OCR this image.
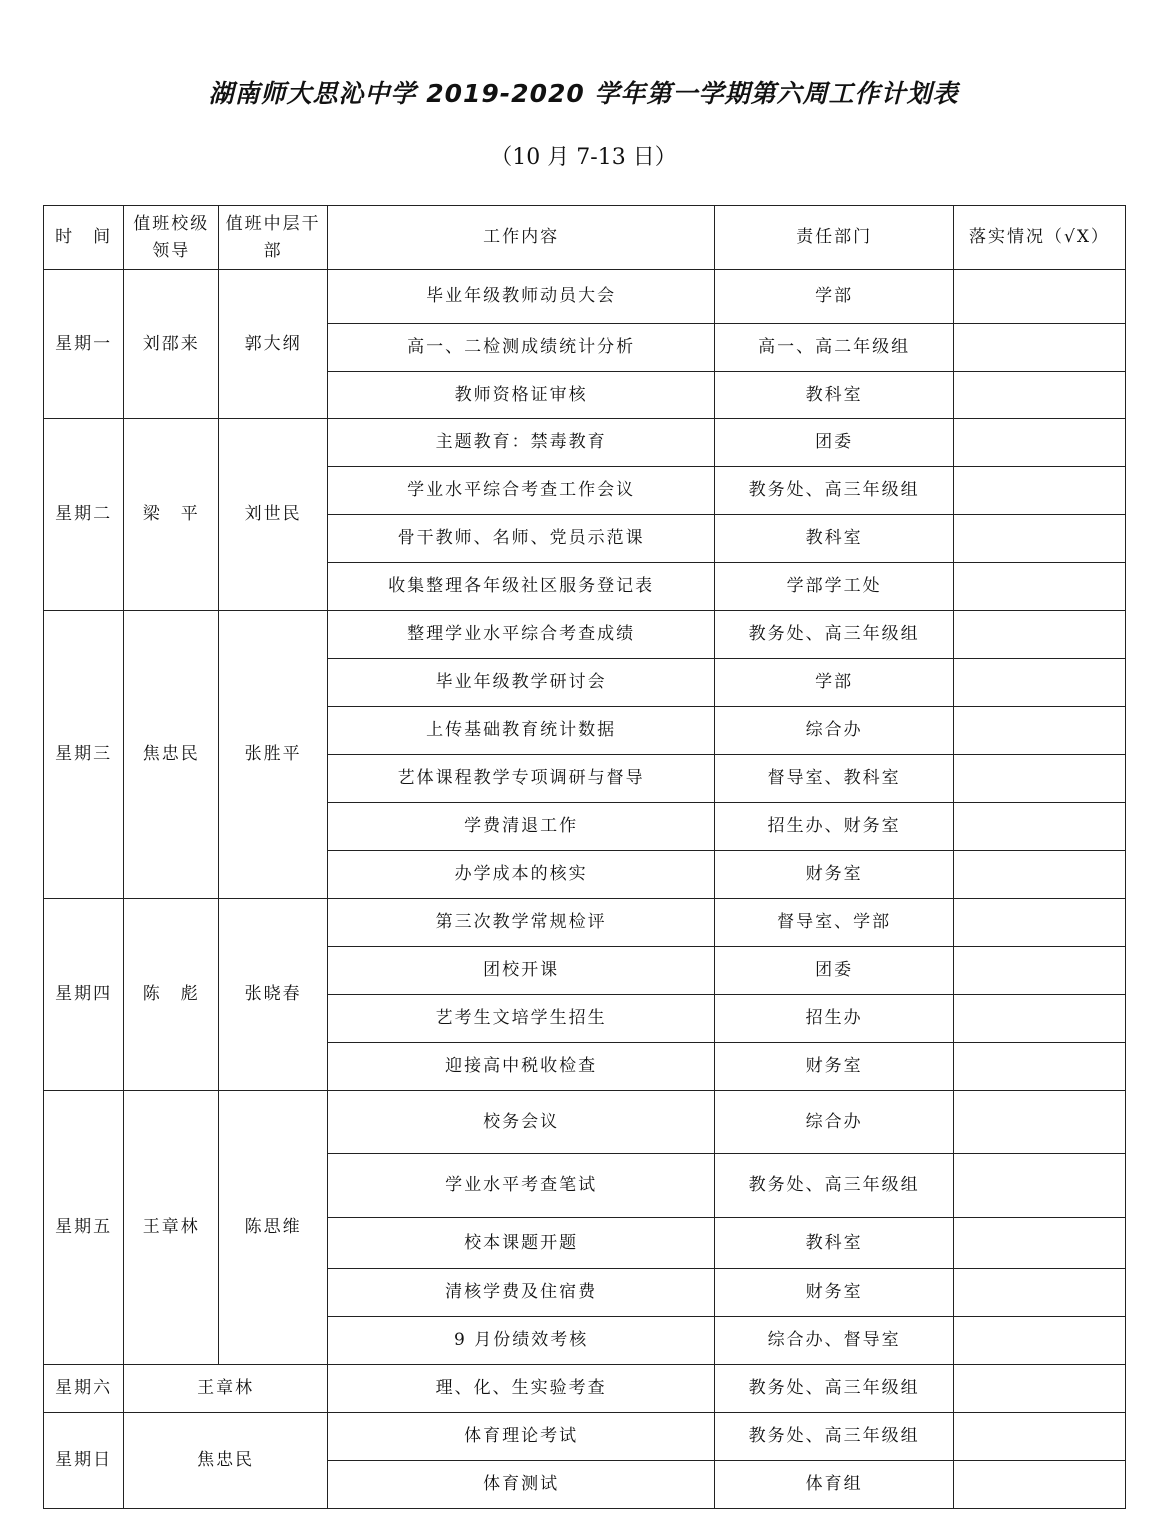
湖南师大思沁中学 2019-2020 学年第一学期第六周工作计划表
（10 月 7-13 日）
时　间	值班校级领导	值班中层干部	工作内容	责任部门	落实情况（√X）
星期一	刘邵来	郭大纲	毕业年级教师动员大会	学部	
			高一、二检测成绩统计分析	高一、高二年级组	
			教师资格证审核	教科室	
星期二	梁　平	刘世民	主题教育：禁毒教育	团委	
			学业水平综合考查工作会议	教务处、高三年级组	
			骨干教师、名师、党员示范课	教科室	
			收集整理各年级社区服务登记表	学部学工处	
星期三	焦忠民	张胜平	整理学业水平综合考查成绩	教务处、高三年级组	
			毕业年级教学研讨会	学部	
			上传基础教育统计数据	综合办	
			艺体课程教学专项调研与督导	督导室、教科室	
			学费清退工作	招生办、财务室	
			办学成本的核实	财务室	
星期四	陈　彪	张晓春	第三次教学常规检评	督导室、学部	
			团校开课	团委	
			艺考生文培学生招生	招生办	
			迎接高中税收检查	财务室	
星期五	王章林	陈思维	校务会议	综合办	
			学业水平考查笔试	教务处、高三年级组	
			校本课题开题	教科室	
			清核学费及住宿费	财务室	
			9 月份绩效考核	综合办、督导室	
星期六	王章林		理、化、生实验考查	教务处、高三年级组	
星期日	焦忠民		体育理论考试	教务处、高三年级组	
			体育测试	体育组	
